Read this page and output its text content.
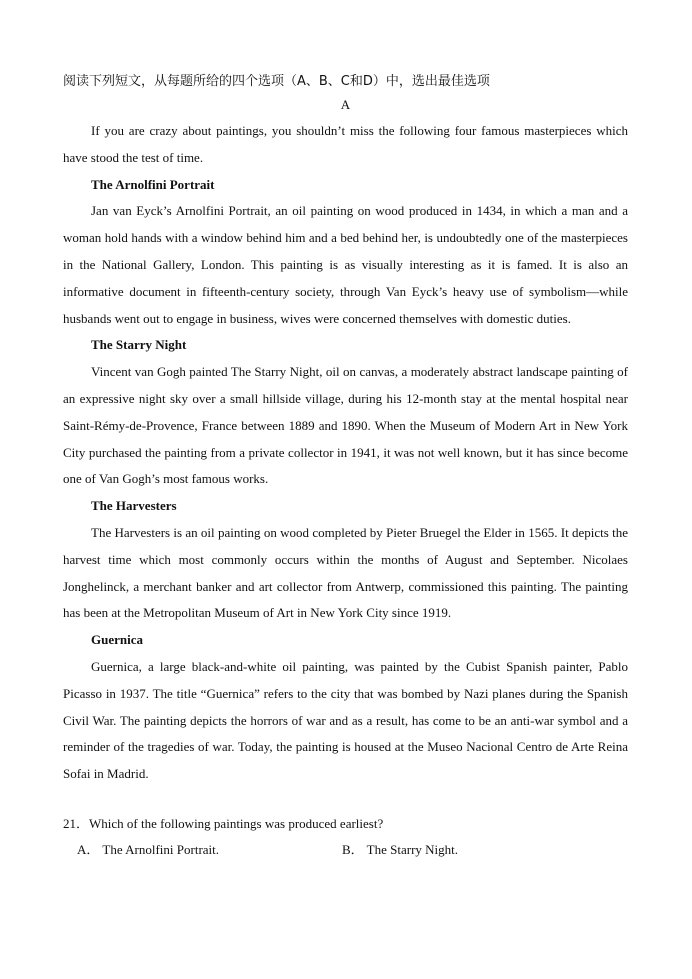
阅读下列短文，从每题所给的四个选项（A、B、C和D）中，选出最佳选项
A

If you are crazy about paintings, you shouldn’t miss the following four famous masterpieces which have stood the test of time.

The Arnolfini Portrait

Jan van Eyck’s Arnolfini Portrait, an oil painting on wood produced in 1434, in which a man and a woman hold hands with a window behind him and a bed behind her, is undoubtedly one of the masterpieces in the National Gallery, London. This painting is as visually interesting as it is famed. It is also an informative document in fifteenth-century society, through Van Eyck’s heavy use of symbolism—while husbands went out to engage in business, wives were concerned themselves with domestic duties.

The Starry Night

Vincent van Gogh painted The Starry Night, oil on canvas, a moderately abstract landscape painting of an expressive night sky over a small hillside village, during his 12-month stay at the mental hospital near Saint-Rémy-de-Provence, France between 1889 and 1890. When the Museum of Modern Art in New York City purchased the painting from a private collector in 1941, it was not well known, but it has since become one of Van Gogh’s most famous works.

The Harvesters

The Harvesters is an oil painting on wood completed by Pieter Bruegel the Elder in 1565. It depicts the harvest time which most commonly occurs within the months of August and September. Nicolaes Jonghelinck, a merchant banker and art collector from Antwerp, commissioned this painting. The painting has been at the Metropolitan Museum of Art in New York City since 1919.

Guernica

Guernica, a large black-and-white oil painting, was painted by the Cubist Spanish painter, Pablo Picasso in 1937. The title “Guernica” refers to the city that was bombed by Nazi planes during the Spanish Civil War. The painting depicts the horrors of war and as a result, has come to be an anti-war symbol and a reminder of the tragedies of war. Today, the painting is housed at the Museo Nacional Centro de Arte Reina Sofai in Madrid.

21．Which of the following paintings was produced earliest?

A． The Arnolfini Portrait.	B． The Starry Night.
